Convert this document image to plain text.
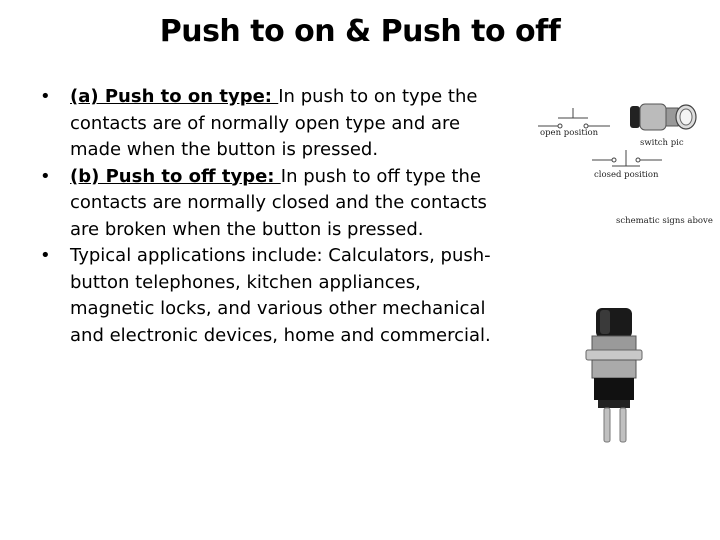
Push to on & Push to off
• (a) Push to on type: In push to on type the contacts are of normally open type and are made when the button is pressed.
• (b) Push to off type: In push to off type the contacts are normally closed and the contacts are broken when the button is pressed.
• Typical applications include: Calculators, push-button telephones, kitchen appliances, magnetic locks, and various other mechanical and electronic devices, home and commercial.
open position
switch pic
closed position
schematic signs above
